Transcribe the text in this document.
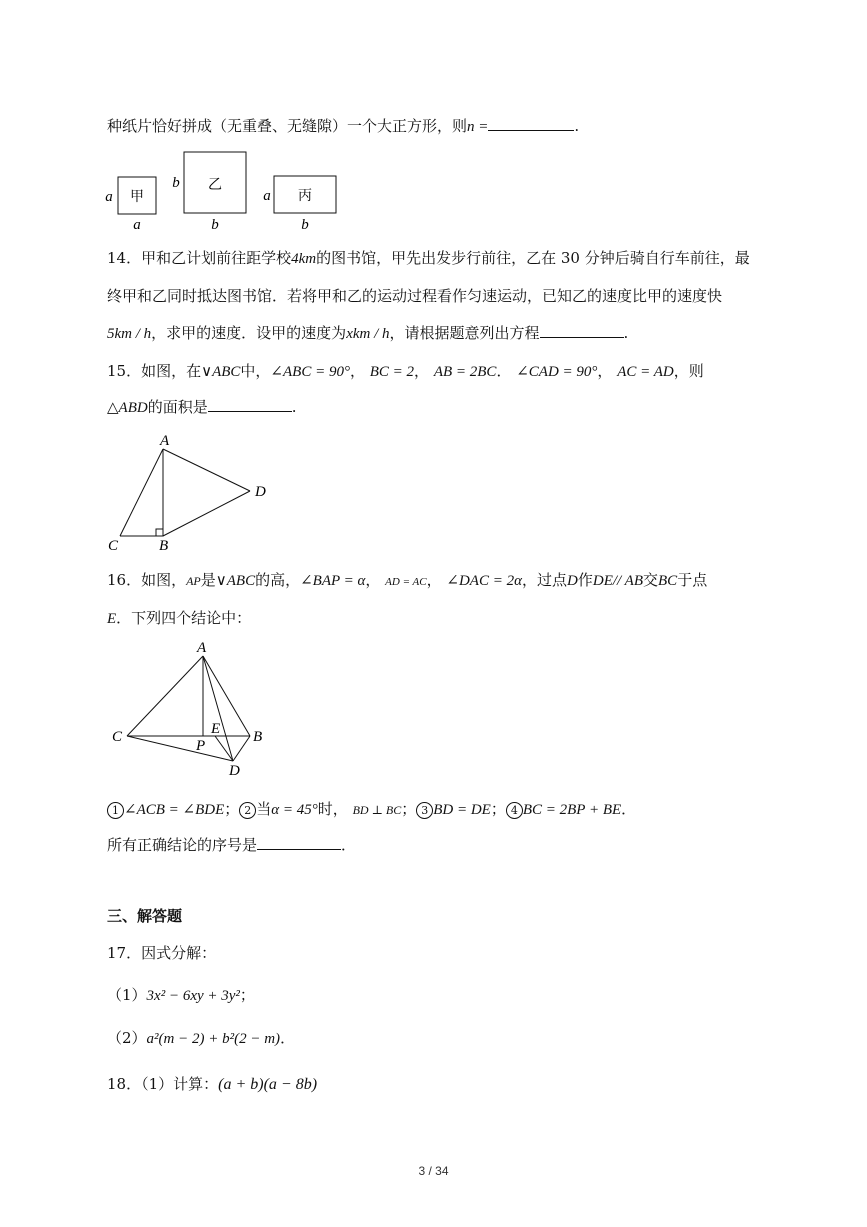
种纸片恰好拼成（无重叠、无缝隙）一个大正方形，则n =	.
甲
a
a
乙
b
b
丙
a
b
14．甲和乙计划前往距学校4km的图书馆，甲先出发步行前往，乙在 30 分钟后骑自行车前往，最
终甲和乙同时抵达图书馆．若将甲和乙的运动过程看作匀速运动，已知乙的速度比甲的速度快
5km / h，求甲的速度．设甲的速度为xkm / h，请根据题意列出方程	.
15．如图，在∨ABC中，∠ABC = 90°， BC = 2， AB = 2BC． ∠CAD = 90°， AC = AD，则
△ABD的面积是	.
A
B
C
D
16．如图，AP是∨ABC的高，∠BAP = α， AD = AC， ∠DAC = 2α，过点D作DE// AB交BC于点
E．下列四个结论中：
A
B
C
D
E
P
1 ∠ACB = ∠BDE； 2 当α = 45°时， BD ⊥ BC； 3 BD = DE； 4 BC = 2BP + BE．
所有正确结论的序号是	．
三、解答题
17．因式分解：
（1）3x² − 6xy + 3y²；
（2）a²(m − 2) + b²(2 − m)．
18．（1）计算：(a + b)(a − 8b)
3 / 34
